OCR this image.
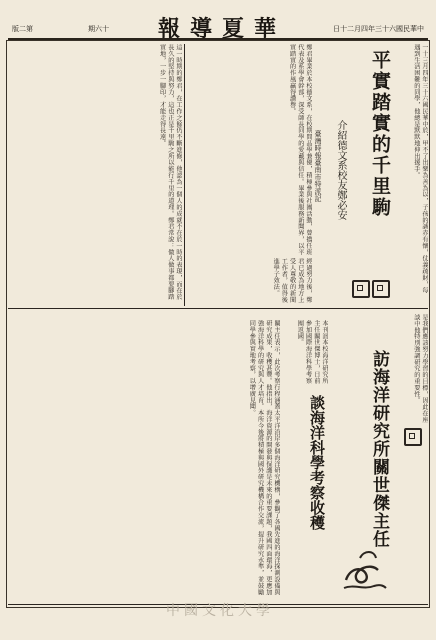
版二第	期六十 報導夏華	日十二月四年三十六國民華中
一十三月四年三十六國民華中於，甲不了出樂為善為以，子孩的誠赤有懷，仗義疏財，每遇到生活困難的同學，他總是默默地伸出援手。
平實踏實的千里駒
介紹德文系校友鄭必安
臺灣時報臺南市特派記
鄭君畢業於本校德文系，在校期間品學兼優，積極參與社團活動，曾擔任班代表及系學會幹部，深受師長同學的愛戴與信任。畢業後服務新聞界，以平實踏實的作風贏得讚譽。
這一時期的鄭君，在工作之餘仍不斷進修，他認為一個人的成就不在於一時的表現，而在於長久的堅持與努力，這也正是千里駒之所以能行千里的道理。鄭君常說：做人做事都要腳踏實地，一步一腳印，才能走得長遠。
經過努力後，鄭君已成為地方上受人尊敬的新聞工作者，值得後進學子效法。
是我們應該努力學習的目標，因此在座談中他特別強調研究的重要性。
訪海洋研究所關世傑主任
談海洋科學考察收穫
本刊訊本校海洋研究所主任關世傑博士，日前參加國際海洋科學考察團返國。
關主任表示，此次考察行程涵蓋太平洋沿岸多個海洋研究機構，參觀了各國先進的海洋探測設備與研究成果，收穫甚豐。他指出，海洋資源的開發與保護是未來的重要課題，我國四面環海，更應加強海洋科學的研究與人才培育。本所今後將積極與國外研究機構合作交流，提升研究水準，並鼓勵同學參與實地考察，以增廣見聞。
中國文化大學
